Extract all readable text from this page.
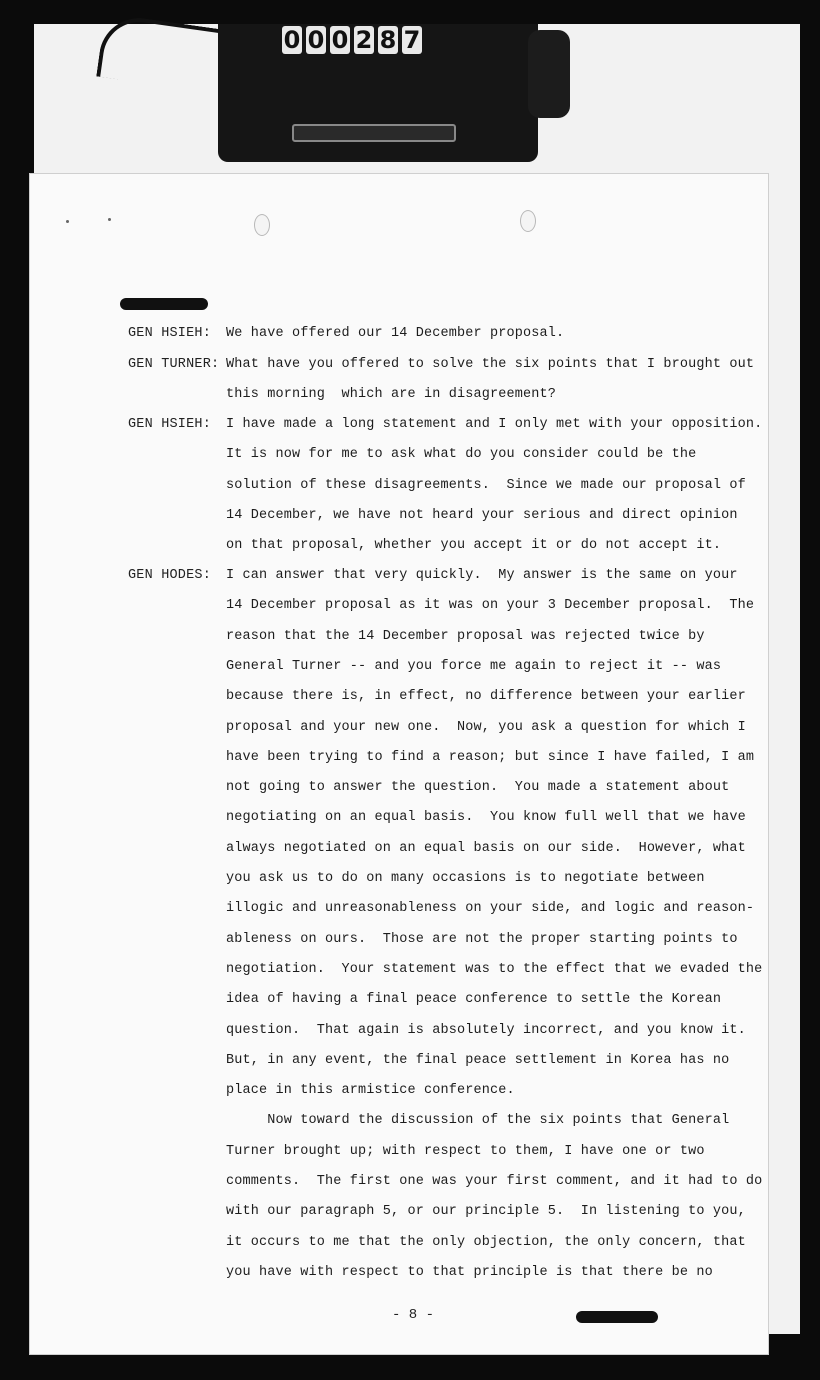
0 0 0 2 8 7
GEN HSIEH: We have offered our 14 December proposal.
GEN TURNER: What have you offered to solve the six points that I brought out
this morning  which are in disagreement?
GEN HSIEH: I have made a long statement and I only met with your opposition.
It is now for me to ask what do you consider could be the
solution of these disagreements.  Since we made our proposal of
14 December, we have not heard your serious and direct opinion
on that proposal, whether you accept it or do not accept it.
GEN HODES: I can answer that very quickly.  My answer is the same on your
14 December proposal as it was on your 3 December proposal.  The
reason that the 14 December proposal was rejected twice by
General Turner -- and you force me again to reject it -- was
because there is, in effect, no difference between your earlier
proposal and your new one.  Now, you ask a question for which I
have been trying to find a reason; but since I have failed, I am
not going to answer the question.  You made a statement about
negotiating on an equal basis.  You know full well that we have
always negotiated on an equal basis on our side.  However, what
you ask us to do on many occasions is to negotiate between
illogic and unreasonableness on your side, and logic and reason-
ableness on ours.  Those are not the proper starting points to
negotiation.  Your statement was to the effect that we evaded the
idea of having a final peace conference to settle the Korean
question.  That again is absolutely incorrect, and you know it.
But, in any event, the final peace settlement in Korea has no
place in this armistice conference.
Now toward the discussion of the six points that General
Turner brought up; with respect to them, I have one or two
comments.  The first one was your first comment, and it had to do
with our paragraph 5, or our principle 5.  In listening to you,
it occurs to me that the only objection, the only concern, that
you have with respect to that principle is that there be no
- 8 -
